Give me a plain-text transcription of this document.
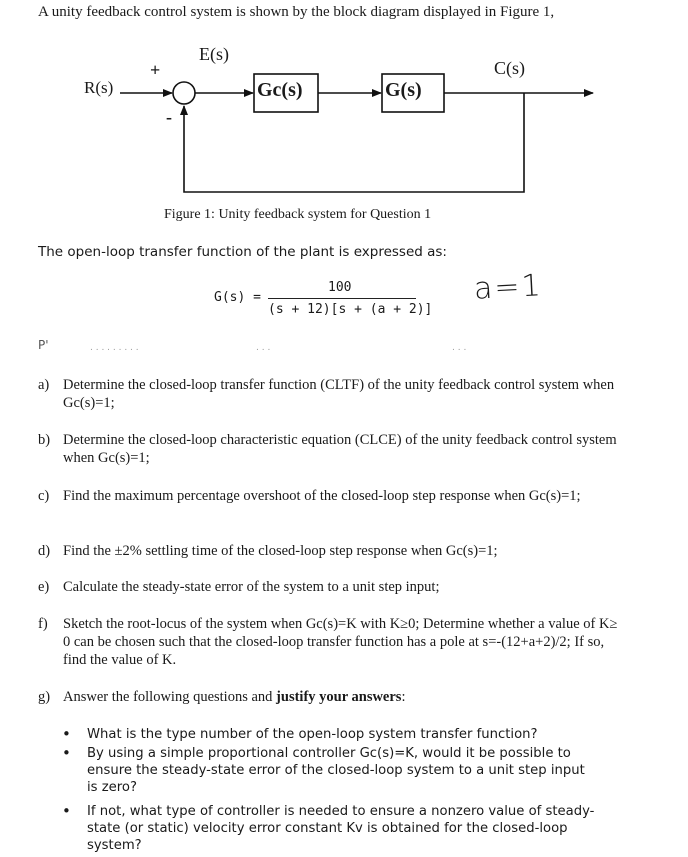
A unity feedback control system is shown by the block diagram displayed in Figure 1,
R(s)
E(s)
C(s)
+
-
Gc(s)	G(s)
Figure 1: Unity feedback system for Question 1
The open-loop transfer function of the plant is expressed as:
G(s) =
100
(s + 12)[s + (a + 2)]
a=1
P'	. . . . . . . . .	. . .	. . .
a) Determine the closed-loop transfer function (CLTF) of the unity feedback control system when Gc(s)=1;
b) Determine the closed-loop characteristic equation (CLCE) of the unity feedback control system when Gc(s)=1;
c) Find the maximum percentage overshoot of the closed-loop step response when Gc(s)=1;
d) Find the ±2% settling time of the closed-loop step response when Gc(s)=1;
e) Calculate the steady-state error of the system to a unit step input;
f) Sketch the root-locus of the system when Gc(s)=K with K≥0; Determine whether a value of K≥ 0 can be chosen such that the closed-loop transfer function has a pole at s=-(12+a+2)/2; If so, find the value of K.
g) Answer the following questions and justify your answers:
• What is the type number of the open-loop system transfer function?
• By using a simple proportional controller Gc(s)=K, would it be possible to ensure the steady-state error of the closed-loop system to a unit step input is zero?
• If not, what type of controller is needed to ensure a nonzero value of steady-state (or static) velocity error constant Kv is obtained for the closed-loop system?
